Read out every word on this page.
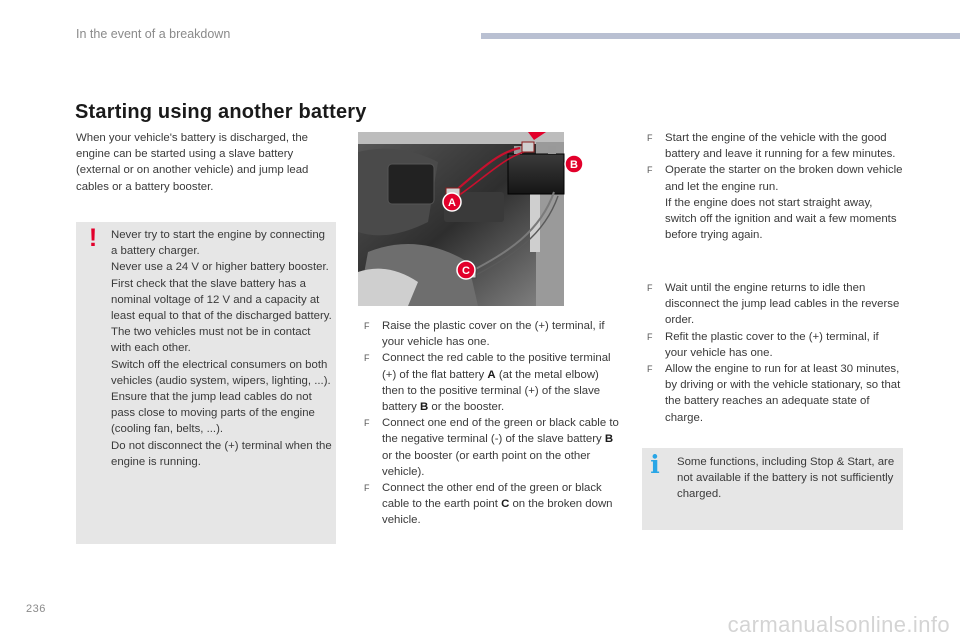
In the event of a breakdown
Starting using another battery
When your vehicle's battery is discharged, the engine can be started using a slave battery (external or on another vehicle) and jump lead cables or a battery booster.
!	Never try to start the engine by connecting a battery charger.

Never use a 24 V or higher battery booster.

First check that the slave battery has a nominal voltage of 12 V and a capacity at least equal to that of the discharged battery.

The two vehicles must not be in contact with each other.

Switch off the electrical consumers on both vehicles (audio system, wipers, lighting, ...).

Ensure that the jump lead cables do not pass close to moving parts of the engine (cooling fan, belts, ...).

Do not disconnect the (+) terminal when the engine is running.

A
B
C
F Raise the plastic cover on the (+) terminal, if your vehicle has one.
F Connect the red cable to the positive terminal (+) of the flat battery A (at the metal elbow) then to the positive terminal (+) of the slave battery B or the booster.
F Connect one end of the green or black cable to the negative terminal (-) of the slave battery B or the booster (or earth point on the other vehicle).
F Connect the other end of the green or black cable to the earth point C on the broken down vehicle.
F Start the engine of the vehicle with the good battery and leave it running for a few minutes.
F Operate the starter on the broken down vehicle and let the engine run.
If the engine does not start straight away, switch off the ignition and wait a few moments before trying again.
F Wait until the engine returns to idle then disconnect the jump lead cables in the reverse order.
F Refit the plastic cover to the (+) terminal, if your vehicle has one.
F Allow the engine to run for at least 30 minutes, by driving or with the vehicle stationary, so that the battery reaches an adequate state of charge.
i Some functions, including Stop & Start, are not available if the battery is not sufficiently charged.
236
carmanualsonline.info
